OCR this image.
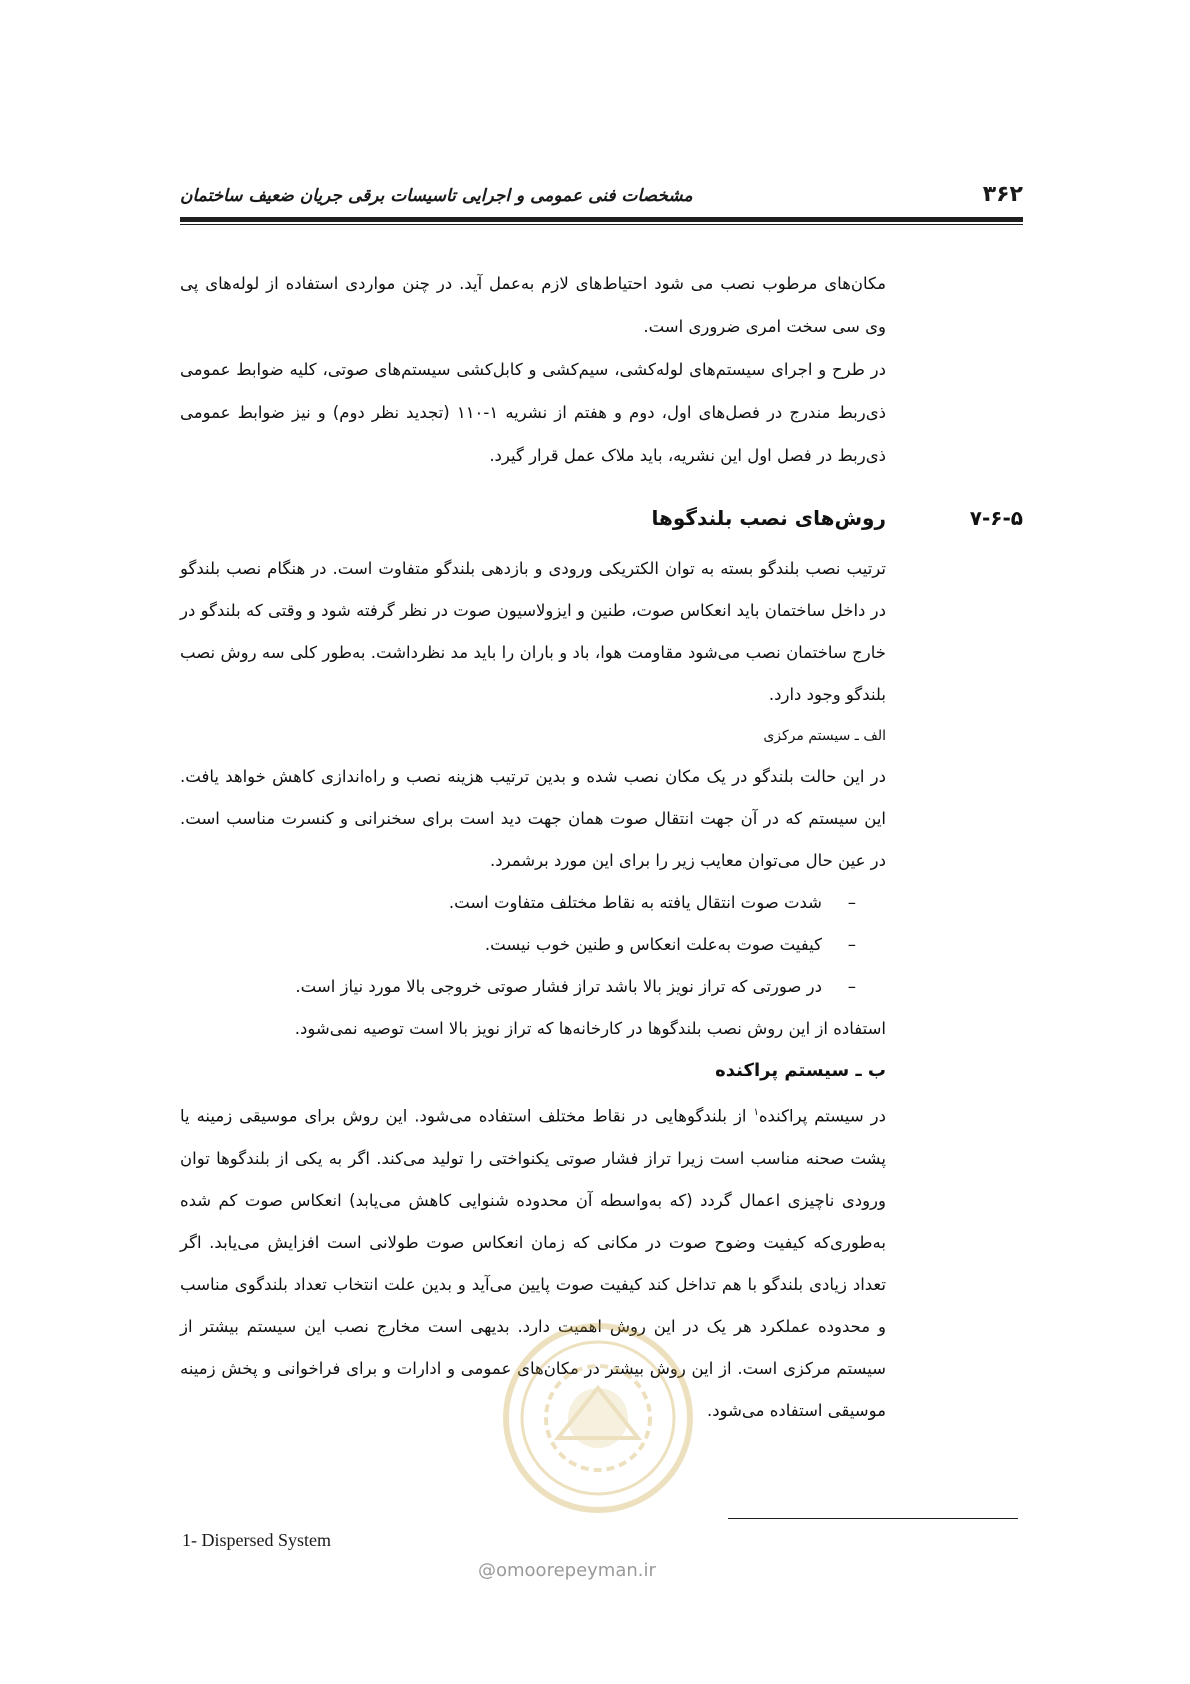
۳۶۲
مشخصات فنی عمومی و اجرایی تاسیسات برقی جریان ضعیف ساختمان

مکان‌های مرطوب نصب می شود احتیاط‌های لازم به‌عمل آید. در چنن مواردی استفاده از لوله‌های پی وی سی سخت امری ضروری است.

در طرح و اجرای سیستم‌های لوله‌کشی، سیم‌کشی و کابل‌کشی سیستم‌های صوتی، کلیه ضوابط عمومی ذی‌ربط مندرج در فصل‌های اول، دوم و هفتم از نشریه ۱-۱۱۰ (تجدید نظر دوم) و نیز ضوابط عمومی ذی‌ربط در فصل اول این نشریه، باید ملاک عمل قرار گیرد.

۷-۶-۵
روش‌های نصب بلندگوها

ترتیب نصب بلندگو بسته به توان الکتریکی ورودی و بازدهی بلندگو متفاوت است. در هنگام نصب بلندگو در داخل ساختمان باید انعکاس صوت، طنین و ایزولاسیون صوت در نظر گرفته شود و وقتی که بلندگو در خارج ساختمان نصب می‌شود مقاومت هوا، باد و باران را باید مد نظرداشت. به‌طور کلی سه روش نصب بلندگو وجود دارد.

الف ـ سیستم مرکزی

در این حالت بلندگو در یک مکان نصب شده و بدین ترتیب هزینه نصب و راه‌اندازی کاهش خواهد یافت. این سیستم که در آن جهت انتقال صوت همان جهت دید است برای سخنرانی و کنسرت مناسب است. در عین حال می‌توان معایب زیر را برای این مورد برشمرد.

–شدت صوت انتقال یافته به نقاط مختلف متفاوت است.

–کیفیت صوت به‌علت انعکاس و طنین خوب نیست.

–در صورتی که تراز نویز بالا باشد تراز فشار صوتی خروجی بالا مورد نیاز است.

استفاده از این روش نصب بلندگوها در کارخانه‌ها که تراز نویز بالا است توصیه نمی‌شود.

ب ـ سیستم پراکنده

در سیستم پراکنده$^۱$ از بلندگوهایی در نقاط مختلف استفاده می‌شود. این روش برای موسیقی زمینه یا پشت صحنه مناسب است زیرا تراز فشار صوتی یکنواختی را تولید می‌کند. اگر به یکی از بلندگوها توان ورودی ناچیزی اعمال گردد (که به‌واسطه آن محدوده شنوایی کاهش می‌یابد) انعکاس صوت کم شده به‌طوری‌که کیفیت وضوح صوت در مکانی که زمان انعکاس صوت طولانی است افزایش می‌یابد. اگر تعداد زیادی بلندگو با هم تداخل کند کیفیت صوت پایین می‌آید و بدین علت انتخاب تعداد بلندگوی مناسب و محدوده عملکرد هر یک در این روش اهمیت دارد. بدیهی است مخارج نصب این سیستم بیشتر از سیستم مرکزی است. از این روش بیشتر در مکان‌های عمومی و ادارات و برای فراخوانی و پخش زمینه موسیقی استفاده می‌شود.

@omoorepeyman.ir
1- Dispersed System
